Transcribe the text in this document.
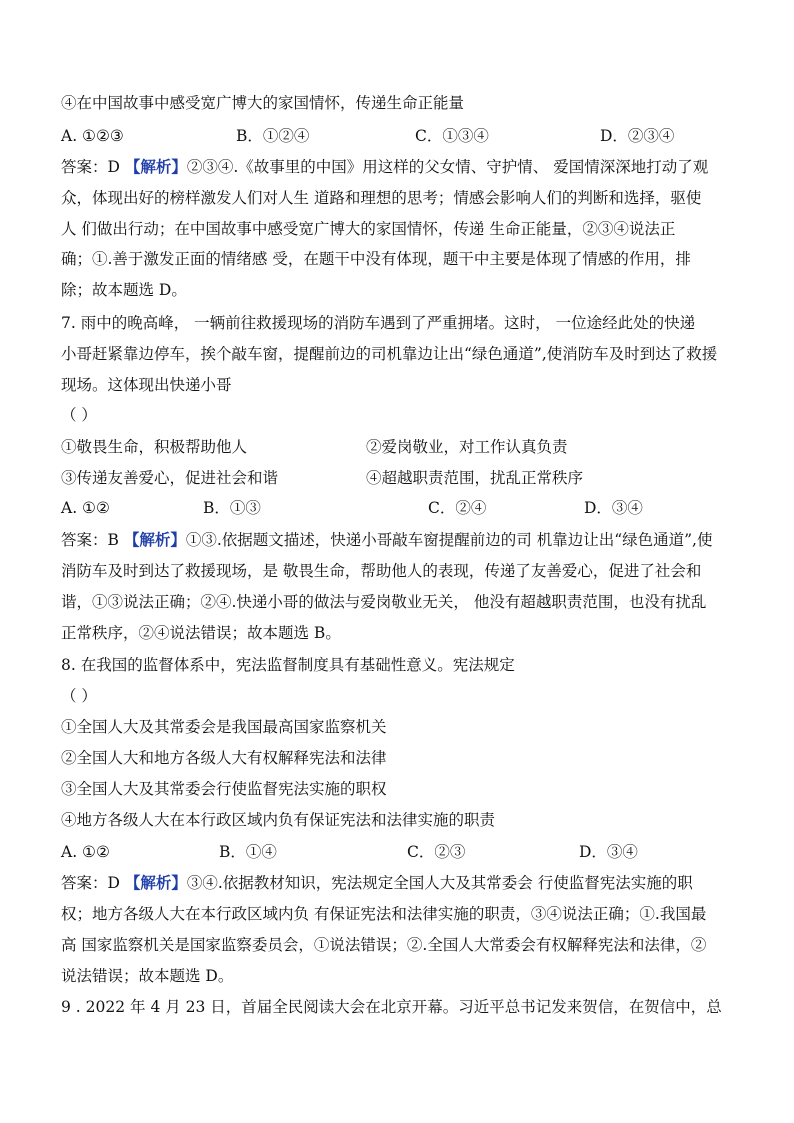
④在中国故事中感受宽广博大的家国情怀，传递生命正能量
A. ①②③	B．①②④	C．①③④	D．②③④
答案：D 【解析】②③④.《故事里的中国》用这样的父女情、守护情、 爱国情深深地打动了观
众，体现出好的榜样激发人们对人生 道路和理想的思考；情感会影响人们的判断和选择，驱使
人 们做出行动；在中国故事中感受宽广博大的家国情怀，传递 生命正能量，②③④说法正
确；①.善于激发正面的情绪感 受，在题干中没有体现，题干中主要是体现了情感的作用，排
除；故本题选 D。
7. 雨中的晚高峰， 一辆前往救援现场的消防车遇到了严重拥堵。这时， 一位途经此处的快递
小哥赶紧靠边停车，挨个敲车窗，提醒前边的司机靠边让出“绿色通道”,使消防车及时到达了救援
现场。这体现出快递小哥
（ ）
①敬畏生命，积极帮助他人	②爱岗敬业，对工作认真负责
③传递友善爱心，促进社会和谐	④超越职责范围，扰乱正常秩序
A. ①②	B．①③	C．②④	D．③④
答案：B 【解析】①③.依据题文描述，快递小哥敲车窗提醒前边的司 机靠边让出“绿色通道”,使
消防车及时到达了救援现场，是 敬畏生命，帮助他人的表现，传递了友善爱心，促进了社会和
谐，①③说法正确；②④.快递小哥的做法与爱岗敬业无关， 他没有超越职责范围，也没有扰乱
正常秩序，②④说法错误；故本题选 B。
8. 在我国的监督体系中，宪法监督制度具有基础性意义。宪法规定
（ ）
①全国人大及其常委会是我国最高国家监察机关
②全国人大和地方各级人大有权解释宪法和法律
③全国人大及其常委会行使监督宪法实施的职权
④地方各级人大在本行政区域内负有保证宪法和法律实施的职责
A. ①②	B．①④	C．②③	D．③④
答案：D 【解析】③④.依据教材知识，宪法规定全国人大及其常委会 行使监督宪法实施的职
权；地方各级人大在本行政区域内负 有保证宪法和法律实施的职责，③④说法正确；①.我国最
高 国家监察机关是国家监察委员会，①说法错误；②.全国人大常委会有权解释宪法和法律，②
说法错误；故本题选 D。
9 . 2022 年 4 月 23 日，首届全民阅读大会在北京开幕。习近平总书记发来贺信，在贺信中，总
